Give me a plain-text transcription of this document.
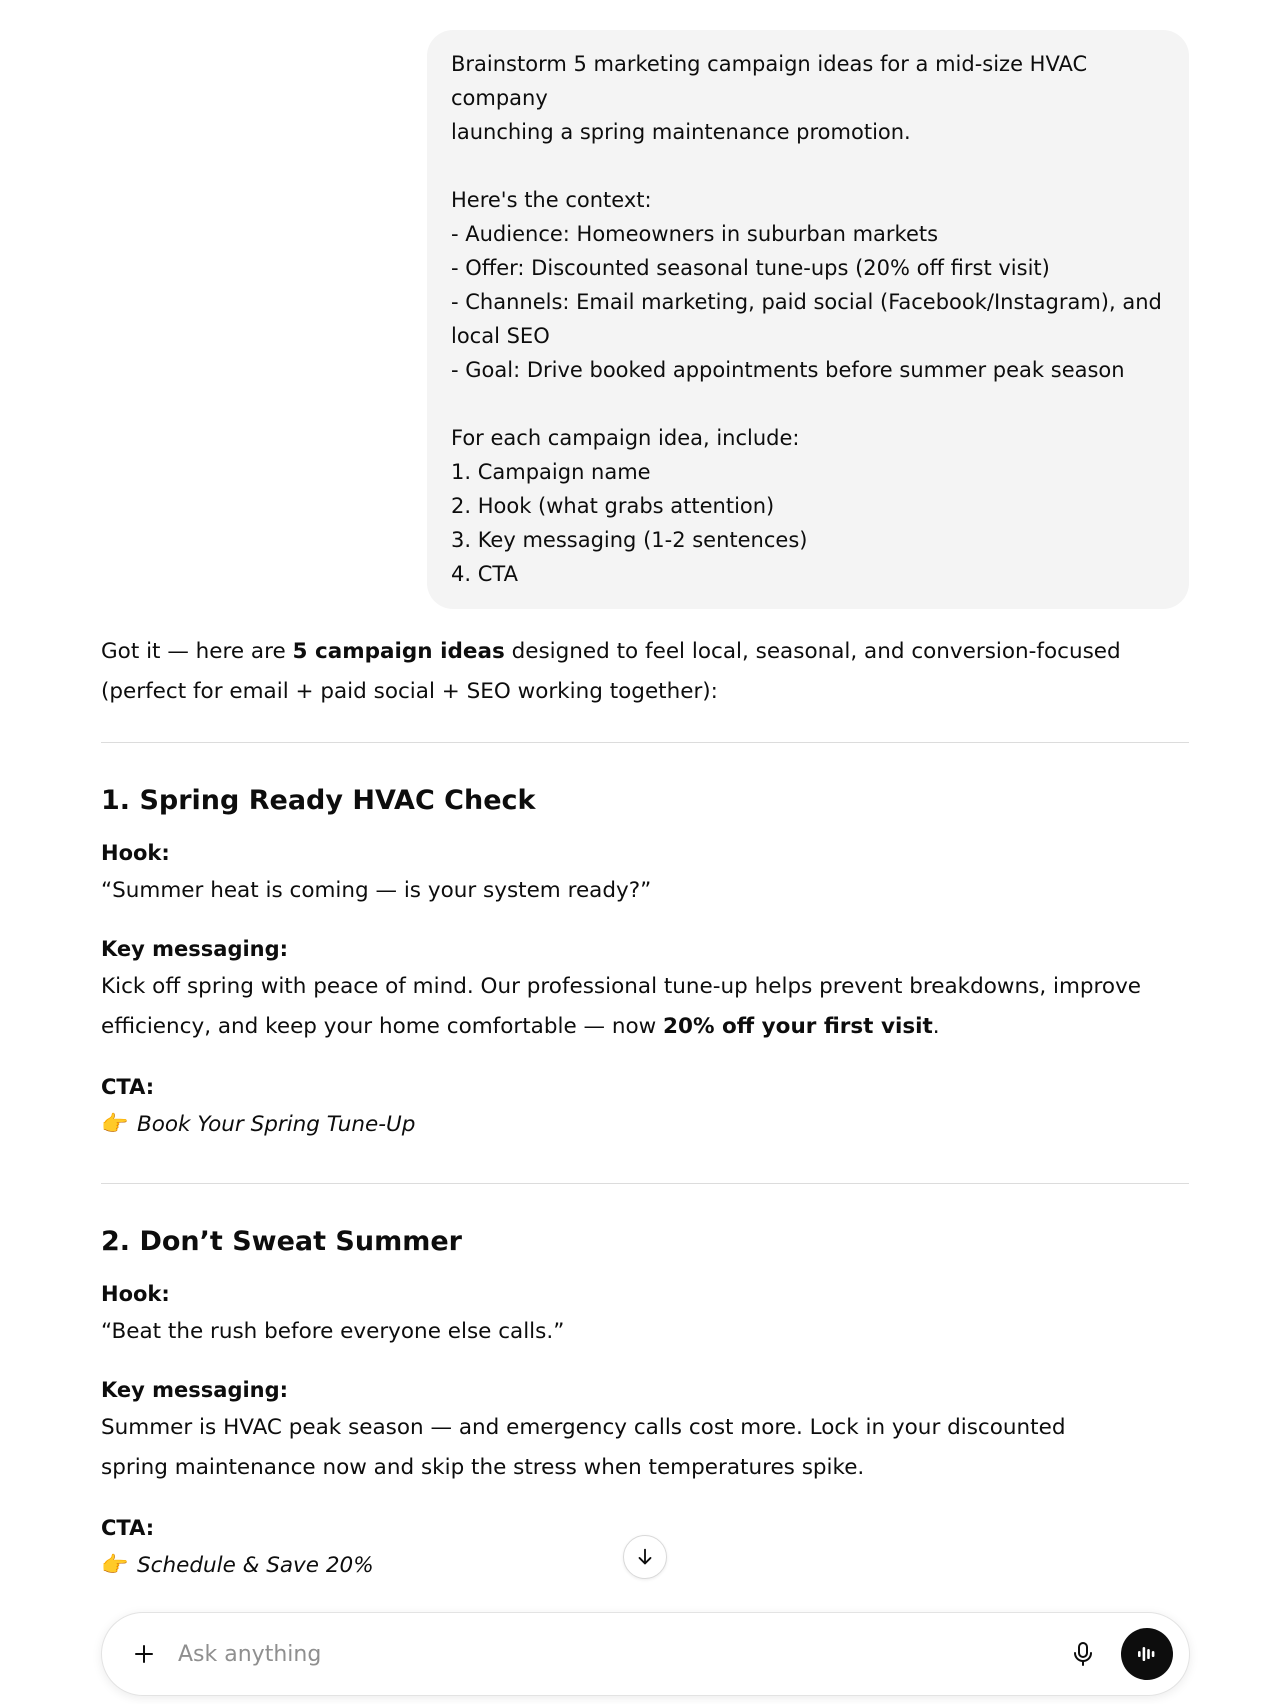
Brainstorm 5 marketing campaign ideas for a mid-size HVAC company
launching a spring maintenance promotion.
Here's the context:
- Audience: Homeowners in suburban markets
- Offer: Discounted seasonal tune-ups (20% off first visit)
- Channels: Email marketing, paid social (Facebook/Instagram), and
local SEO
- Goal: Drive booked appointments before summer peak season
For each campaign idea, include:
1. Campaign name
2. Hook (what grabs attention)
3. Key messaging (1-2 sentences)
4. CTA

Got it — here are 5 campaign ideas designed to feel local, seasonal, and conversion-focused (perfect for email + paid social + SEO working together):

1. Spring Ready HVAC Check
Hook:
“Summer heat is coming — is your system ready?”
Key messaging:
Kick off spring with peace of mind. Our professional tune-up helps prevent breakdowns, improve efficiency, and keep your home comfortable — now 20% off your first visit.
CTA:
👉 Book Your Spring Tune-Up
2. Don’t Sweat Summer
Hook:
“Beat the rush before everyone else calls.”
Key messaging:
Summer is HVAC peak season — and emergency calls cost more. Lock in your discounted spring maintenance now and skip the stress when temperatures spike.
CTA:
👉 Schedule & Save 20%
Ask anything
